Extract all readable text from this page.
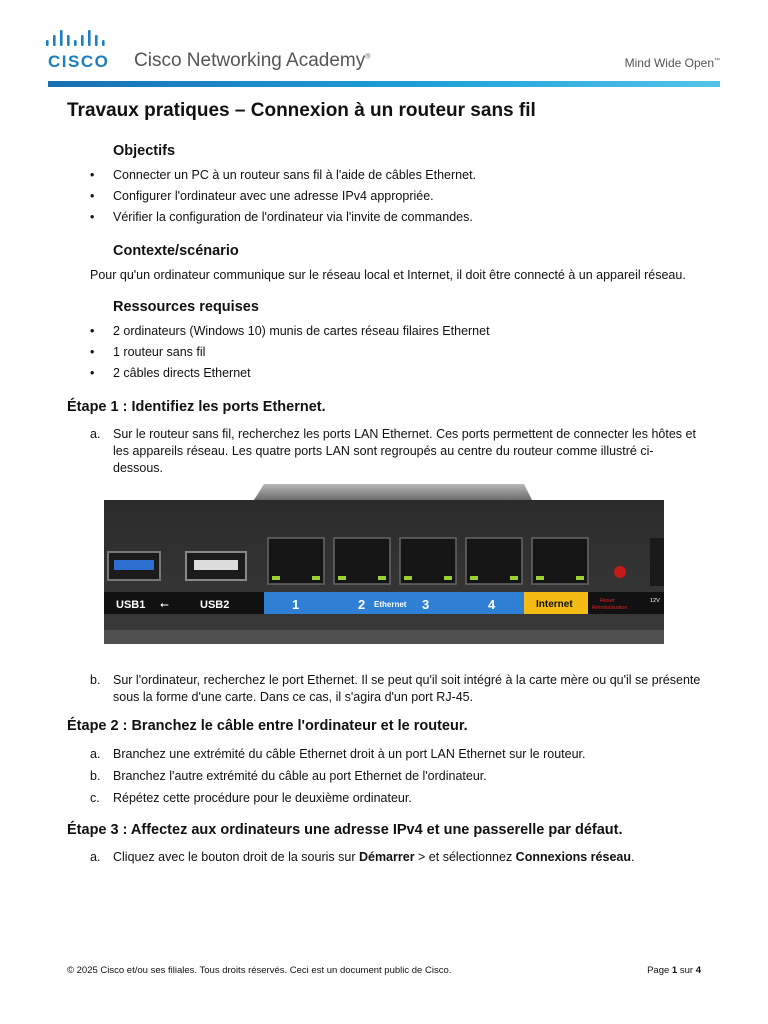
CISCO Cisco Networking Academy®	Mind Wide Open™
Travaux pratiques – Connexion à un routeur sans fil
Objectifs
• Connecter un PC à un routeur sans fil à l'aide de câbles Ethernet.
• Configurer l'ordinateur avec une adresse IPv4 appropriée.
• Vérifier la configuration de l'ordinateur via l'invite de commandes.
Contexte/scénario

Pour qu'un ordinateur communique sur le réseau local et Internet, il doit être connecté à un appareil réseau.

Ressources requises
• 2 ordinateurs (Windows 10) munis de cartes réseau filaires Ethernet
• 1 routeur sans fil
• 2 câbles directs Ethernet
Étape 1 : Identifiez les ports Ethernet.
a. Sur le routeur sans fil, recherchez les ports LAN Ethernet. Ces ports permettent de connecter les hôtes et les appareils réseau. Les quatre ports LAN sont regroupés au centre du routeur comme illustré ci-dessous.
USB1 ⭠	USB2	1	2 Ethernet 3	4	Internet	Reset
Réinitialisation
12V
b. Sur l'ordinateur, recherchez le port Ethernet. Il se peut qu'il soit intégré à la carte mère ou qu'il se présente sous la forme d'une carte. Dans ce cas, il s'agira d'un port RJ-45.
Étape 2 : Branchez le câble entre l'ordinateur et le routeur.
a. Branchez une extrémité du câble Ethernet droit à un port LAN Ethernet sur le routeur.
b. Branchez l'autre extrémité du câble au port Ethernet de l'ordinateur.
c. Répétez cette procédure pour le deuxième ordinateur.
Étape 3 : Affectez aux ordinateurs une adresse IPv4 et une passerelle par défaut.
a. Cliquez avec le bouton droit de la souris sur Démarrer > et sélectionnez Connexions réseau.
© 2025 Cisco et/ou ses filiales. Tous droits réservés. Ceci est un document public de Cisco.	Page 1 sur 4
